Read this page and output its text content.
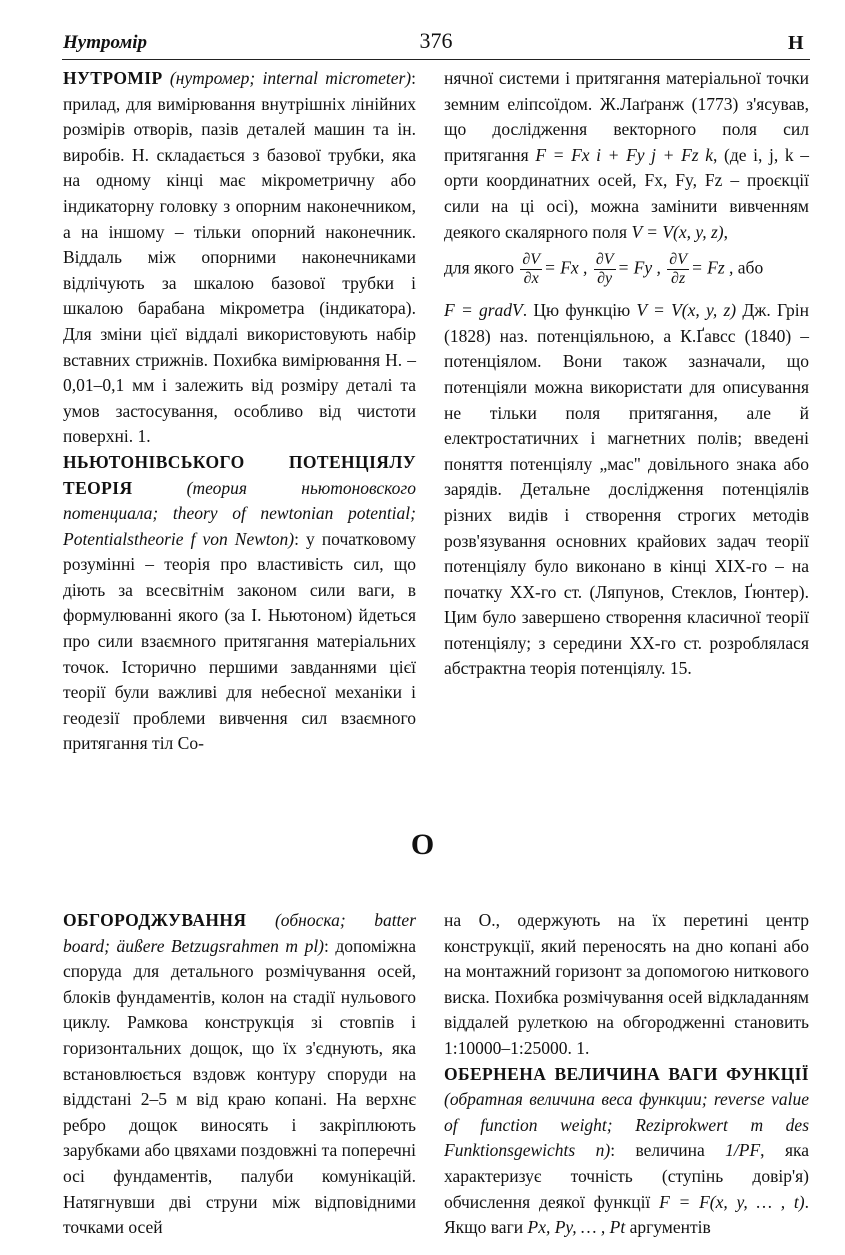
Нутромір	376	Н

НУТРОМІР (нутромер; internal micrometer): прилад, для вимірювання внутрішніх лінійних розмірів отворів, пазів деталей машин та ін. виробів. Н. складається з базової трубки, яка на одному кінці має мікрометричну або індикаторну головку з опорним наконечником, а на іншому – тільки опорний наконечник. Віддаль між опорними наконечниками відлічують за шкалою базової трубки і шкалою барабана мікрометра (індикатора). Для зміни цієї віддалі використовують набір вставних стрижнів. Похибка вимірювання Н. – 0,01–0,1 мм і залежить від розміру деталі та умов застосування, особливо від чистоти поверхні. 1.

НЬЮТОНІВСЬКОГО ПОТЕНЦІЯЛУ ТЕОРІЯ	(теория ньютоновского потенциала; theory of newtonian potential; Potentialstheorie f von Newton): у початковому розумінні – теорія про властивість сил, що діють за всесвітнім законом сили ваги, в формулюванні якого (за І. Ньютоном) йдеться про сили взаємного притягання матеріальних точок. Історично першими завданнями цієї теорії були важливі для небесної механіки і геодезії проблеми вивчення сил взаємного притягання тіл Со-

нячної системи і притягання матеріальної точки земним еліпсоїдом. Ж.Лаґранж (1773) з'ясував, що дослідження векторного поля сил притягання F = Fx i + Fy j + Fz k, (де i, j, k – орти координатних осей, Fx, Fy, Fz – проєкції сили на ці осі), можна замінити вивченням деякого скалярного поля V = V(x, y, z),

для якого $\frac{\partial V}{\partial x} = Fx$ , $\frac{\partial V}{\partial y} = Fy$ , $\frac{\partial V}{\partial z} = Fz$ , або

F = gradV. Цю функцію V = V(x, y, z) Дж. Грін (1828) наз. потенціяльною, а К.Ґавсс (1840) – потенціялом. Вони також зазначали, що потенціяли можна використати для описування не тільки поля притягання, але й електростатичних і магнетних полів; введені поняття потенціялу „мас" довільного знака або зарядів. Детальне дослідження потенціялів різних видів і створення строгих методів розв'язування основних крайових задач теорії потенціялу було виконано в кінці XIX-го – на початку XX-го ст. (Ляпунов, Стеклов, Ґюнтер). Цим було завершено створення класичної теорії потенціялу; з середини XX-го ст. розроблялася абстрактна теорія потенціялу. 15.

О

ОБГОРОДЖУВАННЯ (обноска; batter board; äußere Betzugsrahmen m pl): допоміжна споруда для детального розмічування осей, блоків фундаментів, колон на стадії нульового циклу. Рамкова конструкція зі стовпів і горизонтальних дощок, що їх з'єднують, яка встановлюється вздовж контуру споруди на віддстані 2–5 м від краю копані. На верхнє ребро дощок виносять і закріплюють зарубками або цвяхами поздовжні та поперечні осі фундаментів, палуби комунікацій. Натягнувши дві струни між відповідними точками осей

на О., одержують на їх перетині центр конструкції, який переносять на дно копані або на монтажний горизонт за допомогою ниткового виска. Похибка розмічування осей відкладанням віддалей рулеткою на обгородженні становить 1:10000–1:25000. 1.

ОБЕРНЕНА ВЕЛИЧИНА ВАГИ ФУНКЦІЇ (обратная величина веса функции; reverse value of function weight; Reziprokwert m des Funktionsgewichts n): величина 1/PF, яка характеризує точність (ступінь довір'я) обчислення деякої функції F = F(x, y, … , t). Якщо ваги Px, Py, … , Pt аргументів
